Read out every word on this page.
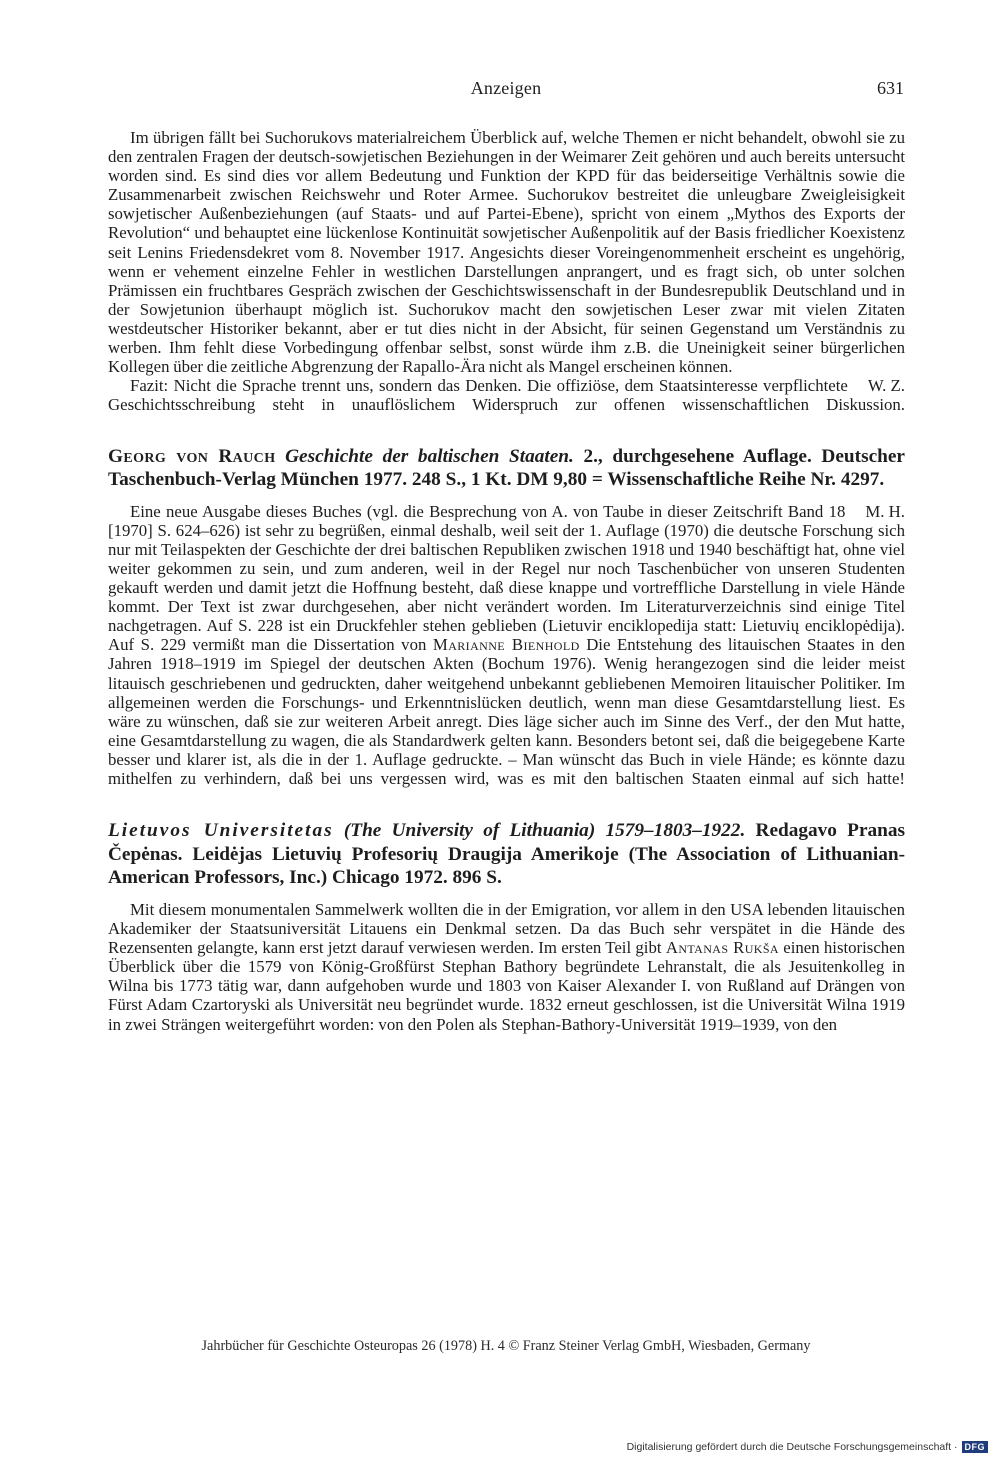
Anzeigen	631

Im übrigen fällt bei Suchorukovs materialreichem Überblick auf, welche Themen er nicht behandelt, obwohl sie zu den zentralen Fragen der deutsch-sowjetischen Beziehungen in der Weimarer Zeit gehören und auch bereits untersucht worden sind. Es sind dies vor allem Bedeutung und Funktion der KPD für das beiderseitige Verhältnis sowie die Zusammenarbeit zwischen Reichswehr und Roter Armee. Suchorukov bestreitet die unleugbare Zweigleisigkeit sowjetischer Außenbeziehungen (auf Staats- und auf Partei-Ebene), spricht von einem „Mythos des Exports der Revolution“ und behauptet eine lückenlose Kontinuität sowjetischer Außenpolitik auf der Basis friedlicher Koexistenz seit Lenins Friedensdekret vom 8. November 1917. Angesichts dieser Voreingenommenheit erscheint es ungehörig, wenn er vehement einzelne Fehler in westlichen Darstellungen anprangert, und es fragt sich, ob unter solchen Prämissen ein fruchtbares Gespräch zwischen der Geschichtswissenschaft in der Bundesrepublik Deutschland und in der Sowjetunion überhaupt möglich ist. Suchorukov macht den sowjetischen Leser zwar mit vielen Zitaten westdeutscher Historiker bekannt, aber er tut dies nicht in der Absicht, für seinen Gegenstand um Verständnis zu werben. Ihm fehlt diese Vorbedingung offenbar selbst, sonst würde ihm z.B. die Uneinigkeit seiner bürgerlichen Kollegen über die zeitliche Abgrenzung der Rapallo-Ära nicht als Mangel erscheinen können.

W. Z.
Fazit: Nicht die Sprache trennt uns, sondern das Denken. Die offiziöse, dem Staatsinteresse verpflichtete Geschichtsschreibung steht in unauflöslichem Widerspruch zur offenen wissenschaftlichen Diskussion.

Georg von Rauch Geschichte der baltischen Staaten. 2., durchgesehene Auflage. Deutscher Taschenbuch-Verlag München 1977. 248 S., 1 Kt. DM 9,80 = Wissenschaftliche Reihe Nr. 4297.

M. H.
Eine neue Ausgabe dieses Buches (vgl. die Besprechung von A. von Taube in dieser Zeitschrift Band 18 [1970] S. 624–626) ist sehr zu begrüßen, einmal deshalb, weil seit der 1. Auflage (1970) die deutsche Forschung sich nur mit Teilaspekten der Geschichte der drei baltischen Republiken zwischen 1918 und 1940 beschäftigt hat, ohne viel weiter gekommen zu sein, und zum anderen, weil in der Regel nur noch Taschenbücher von unseren Studenten gekauft werden und damit jetzt die Hoffnung besteht, daß diese knappe und vortreffliche Darstellung in viele Hände kommt. Der Text ist zwar durchgesehen, aber nicht verändert worden. Im Literaturverzeichnis sind einige Titel nachgetragen. Auf S. 228 ist ein Druckfehler stehen geblieben (Lietuvir enciklopedija statt: Lietuvių enciklopėdija). Auf S. 229 vermißt man die Dissertation von Marianne Bienhold Die Entstehung des litauischen Staates in den Jahren 1918–1919 im Spiegel der deutschen Akten (Bochum 1976). Wenig herangezogen sind die leider meist litauisch geschriebenen und gedruckten, daher weitgehend unbekannt gebliebenen Memoiren litauischer Politiker. Im allgemeinen werden die Forschungs- und Erkenntnislücken deutlich, wenn man diese Gesamtdarstellung liest. Es wäre zu wünschen, daß sie zur weiteren Arbeit anregt. Dies läge sicher auch im Sinne des Verf., der den Mut hatte, eine Gesamtdarstellung zu wagen, die als Standardwerk gelten kann. Besonders betont sei, daß die beigegebene Karte besser und klarer ist, als die in der 1. Auflage gedruckte. – Man wünscht das Buch in viele Hände; es könnte dazu mithelfen zu verhindern, daß bei uns vergessen wird, was es mit den baltischen Staaten einmal auf sich hatte!

Lietuvos Universitetas (The University of Lithuania) 1579–1803–1922. Redagavo Pranas Čepėnas. Leidėjas Lietuvių Profesorių Draugija Amerikoje (The Association of Lithuanian-American Professors, Inc.) Chicago 1972. 896 S.

Mit diesem monumentalen Sammelwerk wollten die in der Emigration, vor allem in den USA lebenden litauischen Akademiker der Staatsuniversität Litauens ein Denkmal setzen. Da das Buch sehr verspätet in die Hände des Rezensenten gelangte, kann erst jetzt darauf verwiesen werden. Im ersten Teil gibt Antanas Rukša einen historischen Überblick über die 1579 von König-Großfürst Stephan Bathory begründete Lehranstalt, die als Jesuitenkolleg in Wilna bis 1773 tätig war, dann aufgehoben wurde und 1803 von Kaiser Alexander I. von Rußland auf Drängen von Fürst Adam Czartoryski als Universität neu begründet wurde. 1832 erneut geschlossen, ist die Universität Wilna 1919 in zwei Strängen weitergeführt worden: von den Polen als Stephan-Bathory-Universität 1919–1939, von den

Jahrbücher für Geschichte Osteuropas 26 (1978) H. 4 © Franz Steiner Verlag GmbH, Wiesbaden, Germany
Digitalisierung gefördert durch die Deutsche Forschungsgemeinschaft · DFG
